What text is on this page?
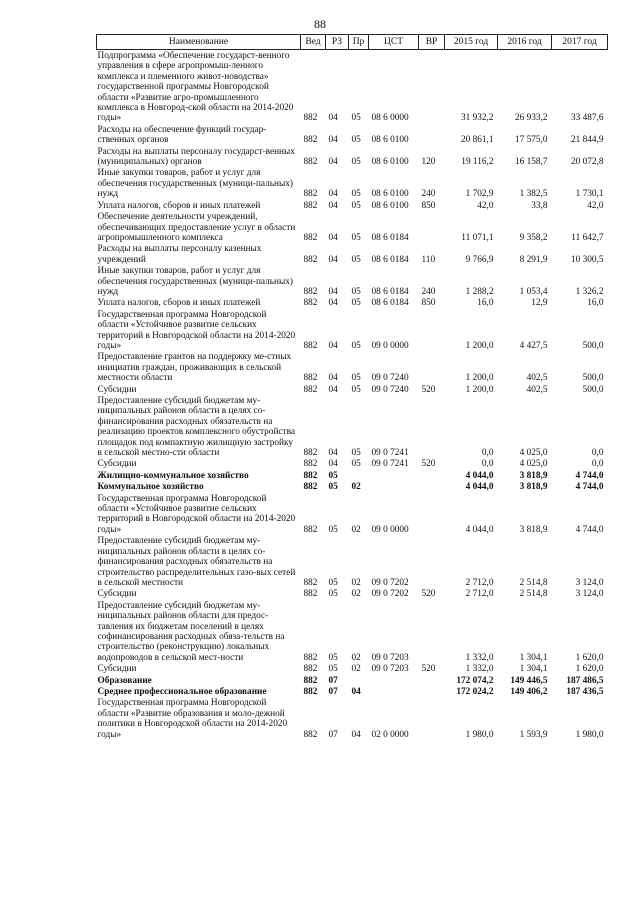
88
Наименование	Вед	РЗ	Пр	ЦСТ	ВР	2015 год	2016 год	2017 год
Подпрограмма «Обеспечение государст-венного управления в сфере агропромыш-ленного комплекса и племенного живот-новодства» государственной программы Новгородской области «Развитие агро-промышленного комплекса в Новгород-ской области на 2014-2020 годы»	882	04	05	08 6 0000		31 932,2	26 933,2	33 487,6
Расходы на обеспечение функций государ-ственных органов	882	04	05	08 6 0100		20 861,1	17 575,0	21 844,9
Расходы на выплаты персоналу государст-венных (муниципальных) органов	882	04	05	08 6 0100	120	19 116,2	16 158,7	20 072,8
Иные закупки товаров, работ и услуг для обеспечения государственных (муници-пальных) нужд	882	04	05	08 6 0100	240	1 702,9	1 382,5	1 730,1
Уплата налогов, сборов и иных платежей	882	04	05	08 6 0100	850	42,0	33,8	42,0
Обеспечение деятельности учреждений, обеспечивающих предоставление услуг в области агропромышленного комплекса	882	04	05	08 6 0184		11 071,1	9 358,2	11 642,7
Расходы на выплаты персоналу казенных учреждений	882	04	05	08 6 0184	110	9 766,9	8 291,9	10 300,5
Иные закупки товаров, работ и услуг для обеспечения государственных (муници-пальных) нужд	882	04	05	08 6 0184	240	1 288,2	1 053,4	1 326,2
Уплата налогов, сборов и иных платежей	882	04	05	08 6 0184	850	16,0	12,9	16,0
Государственная программа Новгородской области «Устойчивое развитие сельских территорий в Новгородской области на 2014-2020 годы»	882	04	05	09 0 0000		1 200,0	4 427,5	500,0
Предоставление грантов на поддержку ме-стных инициатив граждан, проживающих в сельской местности области	882	04	05	09 0 7240		1 200,0	402,5	500,0
Субсидии	882	04	05	09 0 7240	520	1 200,0	402,5	500,0
Предоставление субсидий бюджетам му-ниципальных районов области в целях со-финансирования расходных обязательств на реализацию проектов комплексного обустройства площадок под компактную жилищную застройку в сельской местно-сти области	882	04	05	09 0 7241		0,0	4 025,0	0,0
Субсидии	882	04	05	09 0 7241	520	0,0	4 025,0	0,0
Жилищно-коммунальное хозяйство	882	05				4 044,0	3 818,9	4 744,0
Коммунальное хозяйство	882	05	02			4 044,0	3 818,9	4 744,0
Государственная программа Новгородской области «Устойчивое развитие сельских территорий в Новгородской области на 2014-2020 годы»	882	05	02	09 0 0000		4 044,0	3 818,9	4 744,0
Предоставление субсидий бюджетам му-ниципальных районов области в целях со-финансирования расходных обязательств на строительство распределительных газо-вых сетей в сельской местности	882	05	02	09 0 7202		2 712,0	2 514,8	3 124,0
Субсидии	882	05	02	09 0 7202	520	2 712,0	2 514,8	3 124,0
Предоставление субсидий бюджетам му-ниципальных районов области для предос-тавления их бюджетам поселений в целях софинансирования расходных обяза-тельств на строительство (реконструкцию) локальных водопроводов в сельской мест-ности	882	05	02	09 0 7203		1 332,0	1 304,1	1 620,0
Субсидии	882	05	02	09 0 7203	520	1 332,0	1 304,1	1 620,0
Образование	882	07				172 074,2	149 446,5	187 486,5
Среднее профессиональное образование	882	07	04			172 024,2	149 406,2	187 436,5
Государственная программа Новгородской области «Развитие образования и моло-дежной политики в Новгородской области на 2014-2020 годы»	882	07	04	02 0 0000		1 980,0	1 593,9	1 980,0
